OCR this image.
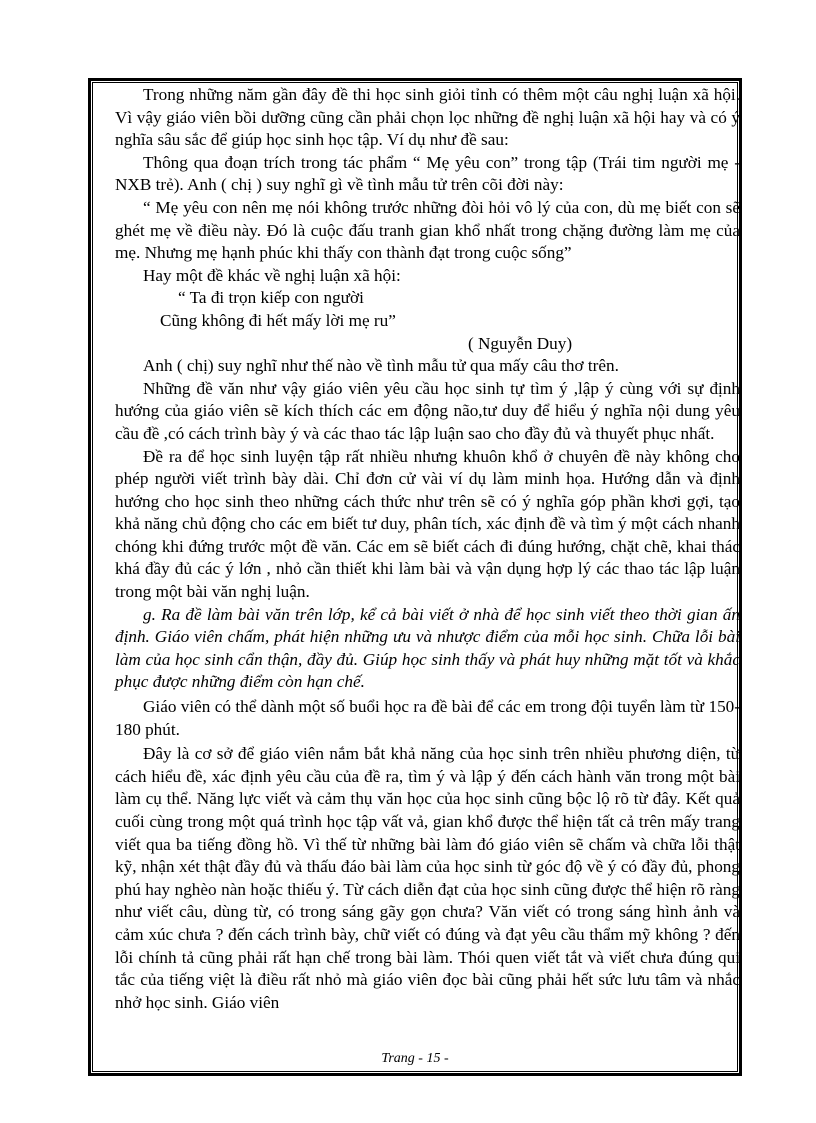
Trong những năm gần đây đề thi học sinh giỏi tỉnh có thêm một câu nghị luận xã hội. Vì vậy giáo viên bồi dưỡng cũng cần phải chọn lọc những đề nghị luận xã hội hay và có ý nghĩa sâu sắc để giúp học sinh học tập. Ví dụ như đề sau:

Thông qua đoạn trích trong tác phẩm “ Mẹ yêu con” trong tập (Trái tim người mẹ - NXB trẻ). Anh ( chị ) suy nghĩ gì về tình mẫu tử trên cõi đời này:

“ Mẹ yêu con nên mẹ nói không trước những đòi hỏi vô lý của con, dù mẹ biết con sẽ ghét mẹ về điều này. Đó là cuộc đấu tranh gian khổ nhất trong chặng đường làm mẹ của mẹ. Nhưng mẹ hạnh phúc khi thấy con thành đạt trong cuộc sống”

Hay một đề khác về nghị luận xã hội:

“ Ta đi trọn kiếp con người

Cũng không đi hết mấy lời mẹ ru”

( Nguyễn Duy)

Anh ( chị) suy nghĩ như thế nào về tình mẫu tử qua mấy câu thơ trên.

Những đề văn như vậy giáo viên yêu cầu học sinh tự tìm ý ,lập ý cùng với sự định hướng của giáo viên sẽ kích thích các em động não,tư duy để hiểu ý nghĩa nội dung yêu cầu đề ,có cách trình bày ý và các thao tác lập luận sao cho đầy đủ và thuyết phục nhất.

Đề ra để học sinh luyện tập rất nhiều nhưng khuôn khổ ở chuyên đề này không cho phép người viết trình bày dài. Chỉ đơn cử vài ví dụ làm minh họa. Hướng dẫn và định hướng cho học sinh theo những cách thức như trên sẽ có ý nghĩa góp phần khơi gợi, tạo khả năng chủ động cho các em biết tư duy, phân tích, xác định đề và tìm ý một cách nhanh chóng khi đứng trước một đề văn. Các em sẽ biết cách đi đúng hướng, chặt chẽ, khai thác khá đầy đủ các ý lớn , nhỏ cần thiết khi làm bài và vận dụng hợp lý các thao tác lập luận trong một bài văn nghị luận.

g. Ra đề làm bài văn trên lớp, kể cả bài viết ở nhà để học sinh viết theo thời gian ấn định. Giáo viên chấm, phát hiện những ưu và nhược điểm của mỗi học sinh. Chữa lỗi bài làm của học sinh cẩn thận, đầy đủ. Giúp học sinh thấy và phát huy những mặt tốt và khắc phục được những điểm còn hạn chế.

Giáo viên có thể dành một số buổi học ra đề bài để các em trong đội tuyển làm từ 150-180 phút.

Đây là cơ sở để giáo viên nắm bắt khả năng của học sinh trên nhiều phương diện, từ cách hiểu đề, xác định yêu cầu của đề ra, tìm ý và lập ý đến cách hành văn trong một bài làm cụ thể. Năng lực viết và cảm thụ văn học của học sinh cũng bộc lộ rõ từ đây. Kết quả cuối cùng trong một quá trình học tập vất vả, gian khổ được thể hiện tất cả trên mấy trang viết qua ba tiếng đồng hồ. Vì thế từ những bài làm đó giáo viên sẽ chấm và chữa lỗi thật kỹ, nhận xét thật đầy đủ và thấu đáo bài làm của học sinh từ góc độ về ý có đầy đủ, phong phú hay nghèo nàn hoặc thiếu ý. Từ cách diễn đạt của học sinh cũng được thể hiện rõ ràng như viết câu, dùng từ, có trong sáng gãy gọn chưa? Văn viết có trong sáng hình ảnh và cảm xúc chưa ? đến cách trình bày, chữ viết có đúng và đạt yêu cầu thẩm mỹ không ? đến lỗi chính tả cũng phải rất hạn chế trong bài làm. Thói quen viết tắt và viết chưa đúng qui tắc của tiếng việt là điều rất nhỏ mà giáo viên đọc bài cũng phải hết sức lưu tâm và nhắc nhở học sinh. Giáo viên

Trang - 15 -
